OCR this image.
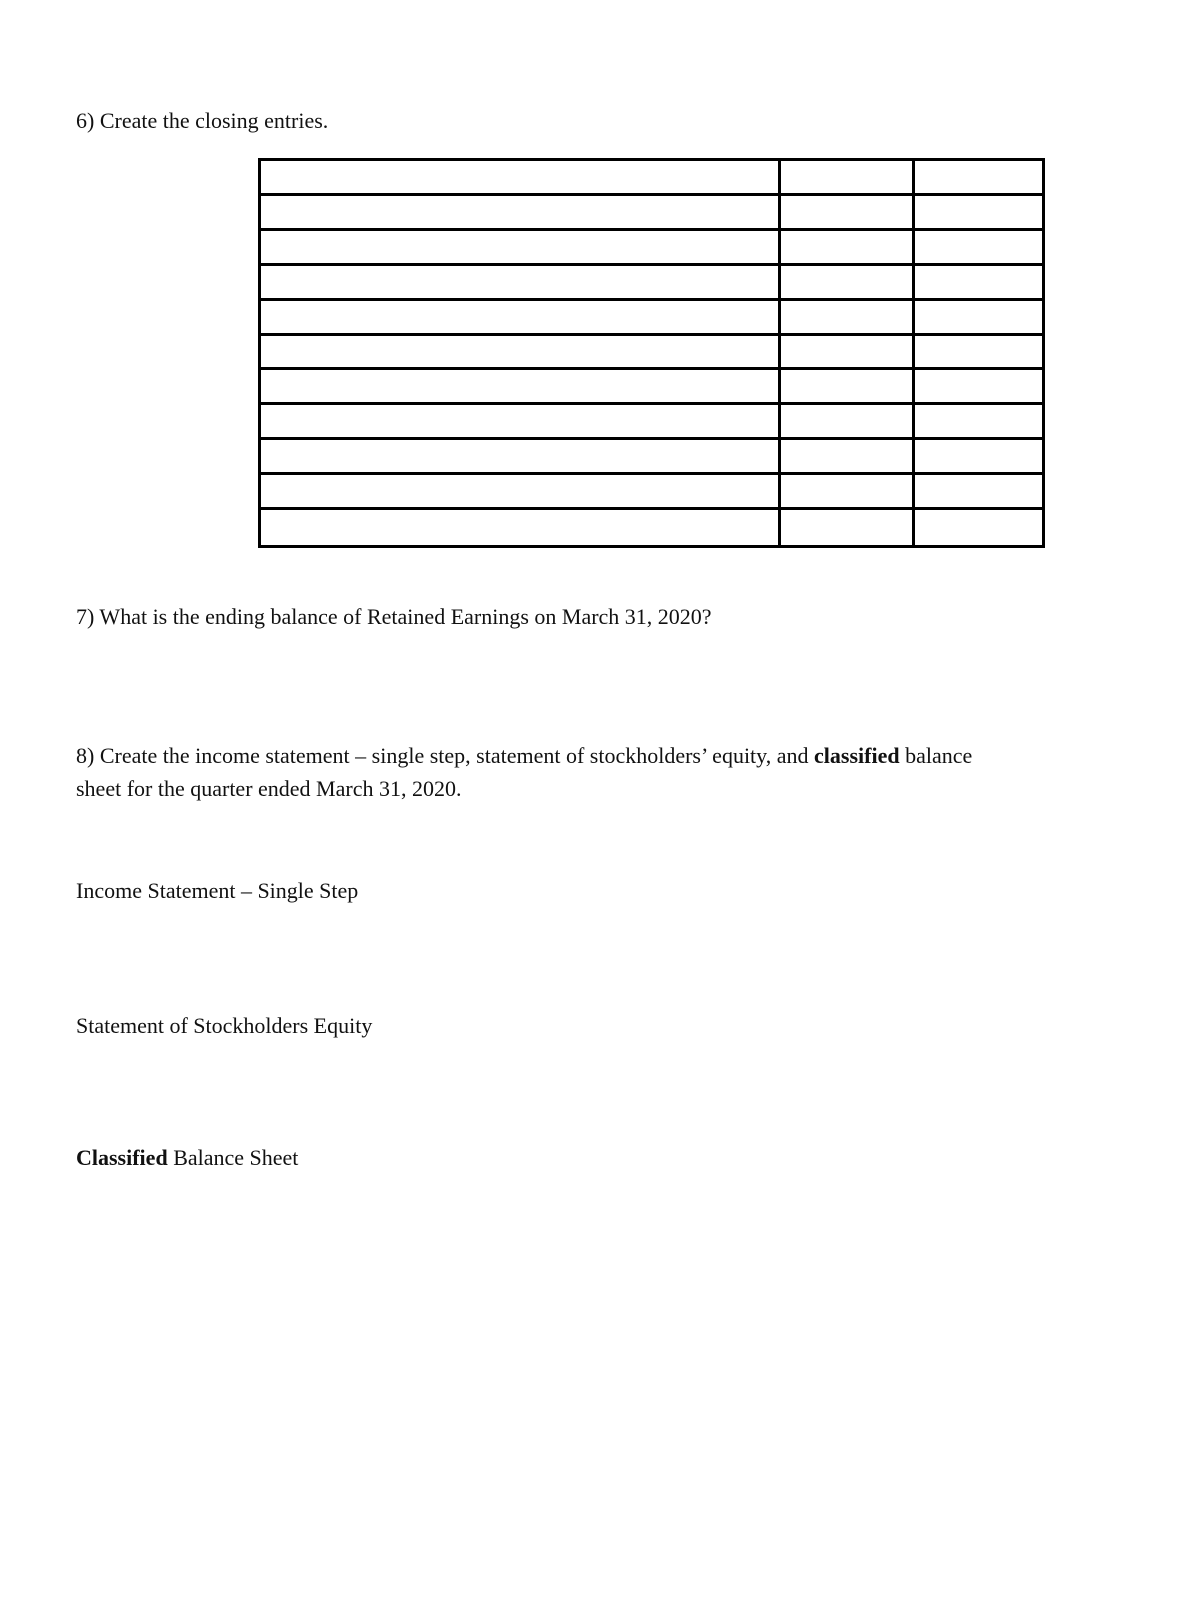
6) Create the closing entries.
7) What is the ending balance of Retained Earnings on March 31, 2020?
8) Create the income statement – single step, statement of stockholders’ equity, and classified balance
sheet for the quarter ended March 31, 2020.
Income Statement – Single Step
Statement of Stockholders Equity
Classified Balance Sheet
